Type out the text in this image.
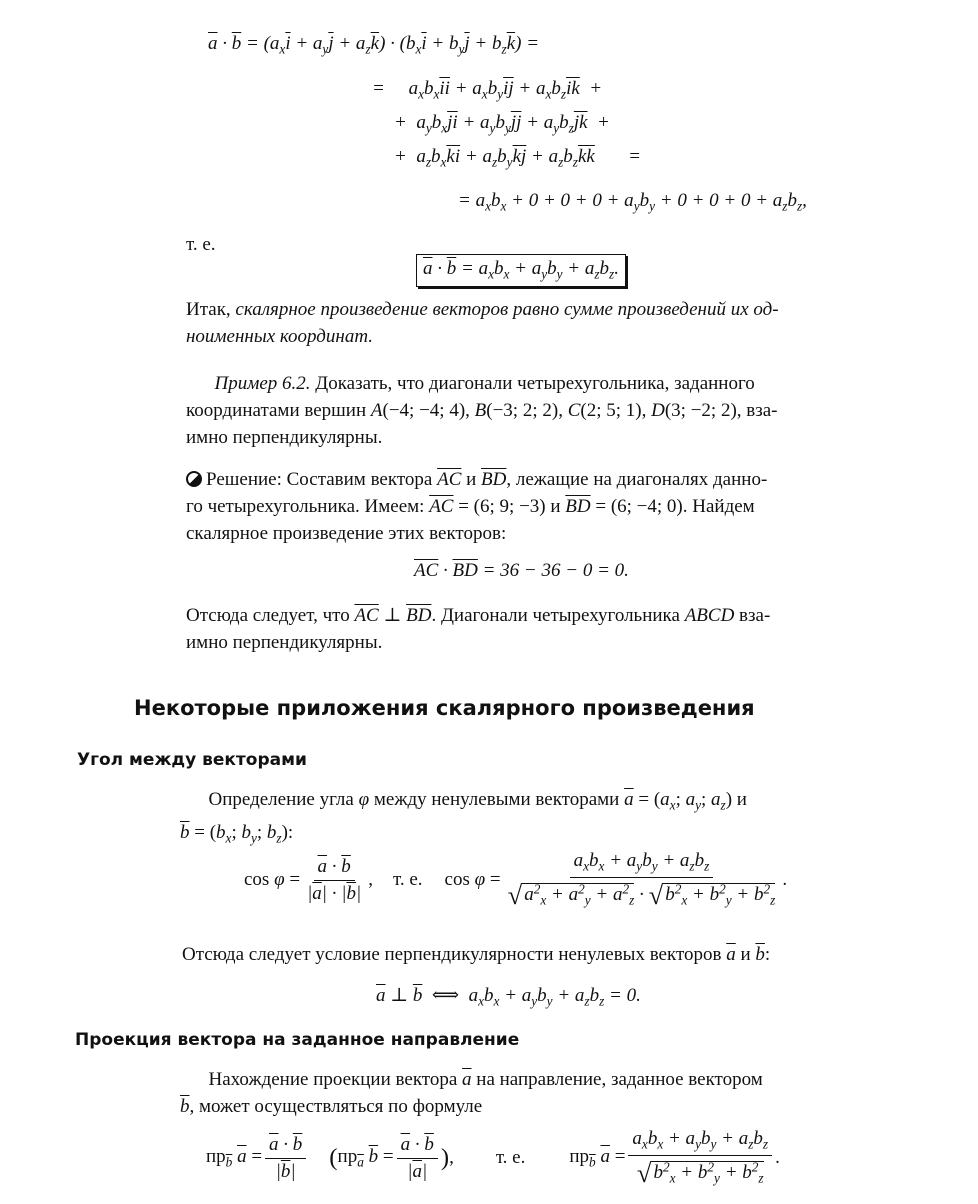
$\overline{a} \cdot \overline{b} = (a_x\overline{i} + a_y\overline{j} + a_z\overline{k}) \cdot (b_x\overline{i} + b_y\overline{j} + b_z\overline{k})$ =
=     $a_xb_x\overline{ii} + a_xb_y\overline{ij} + a_xb_z\overline{ik}$  +
+  $a_yb_x\overline{ji} + a_yb_y\overline{jj} + a_yb_z\overline{jk}$  +
+  $a_zb_x\overline{ki} + a_zb_y\overline{kj} + a_zb_z\overline{kk}$       =
= $a_xb_x + 0 + 0 + 0 + a_yb_y + 0 + 0 + 0 + a_zb_z$,
т. е.
$\overline{a} \cdot \overline{b} = a_xb_x + a_yb_y + a_zb_z$.
Итак, скалярное произведение векторов равно сумме произведений их од-
ноименных координат.
Пример 6.2. Доказать, что диагонали четырехугольника, заданного
координатами вершин A(−4; −4; 4), B(−3; 2; 2), C(2; 5; 1), D(3; −2; 2), вза-
имно перпендикулярны.
Решение: Составим вектора $\overline{AC}$ и $\overline{BD}$, лежащие на диагоналях данно-
го четырехугольника. Имеем: $\overline{AC} = (6$; 9; −3) и $\overline{BD} = (6$; −4; 0). Найдем
скалярное произведение этих векторов:
$\overline{AC} \cdot \overline{BD} = 36 - 36 - 0 = 0$.
Отсюда следует, что $\overline{AC}$ ⊥ $\overline{BD}$. Диагонали четырехугольника ABCD вза-
имно перпендикулярны.
Некоторые приложения скалярного произведения
Угол между векторами
Определение угла φ между ненулевыми векторами $\overline{a} = (a_x$; $a_y$; $a_z$) и
$\overline{b} = (b_x$; $b_y$; $b_z$):
$\cos \varphi = \frac{\overline{a} \cdot \overline{b}}{|\overline{a}| \cdot |\overline{b}|}$ , т. е. $\cos \varphi = \frac{a_xb_x + a_yb_y + a_zb_z}{√ a^2_x + a^2_y + a^2_z \cdot √ b^2_x + b^2_y + b^2_z}$ .
Отсюда следует условие перпендикулярности ненулевых векторов $\overline{a}$ и $\overline{b}$:
$\overline{a}$ ⊥ $\overline{b}$  ⟺  $a_xb_x + a_yb_y + a_zb_z = 0$.
Проекция вектора на заданное направление
Нахождение проекции вектора $\overline{a}$ на направление, заданное вектором
$\overline{b}$, может осуществляться по формуле
$пр_{\overline{b}}$ $\overline{a} = \frac{\overline{a} \cdot \overline{b}}{|\overline{b}|}$ ( $пр_{\overline{a}}$ $\overline{b} = \frac{\overline{a} \cdot \overline{b}}{|\overline{a}|}$ ) , т. е. $пр_{\overline{b}}$ $\overline{a} = \frac{a_xb_x + a_yb_y + a_zb_z}{√ b^2_x + b^2_y + b^2_z}$ .
